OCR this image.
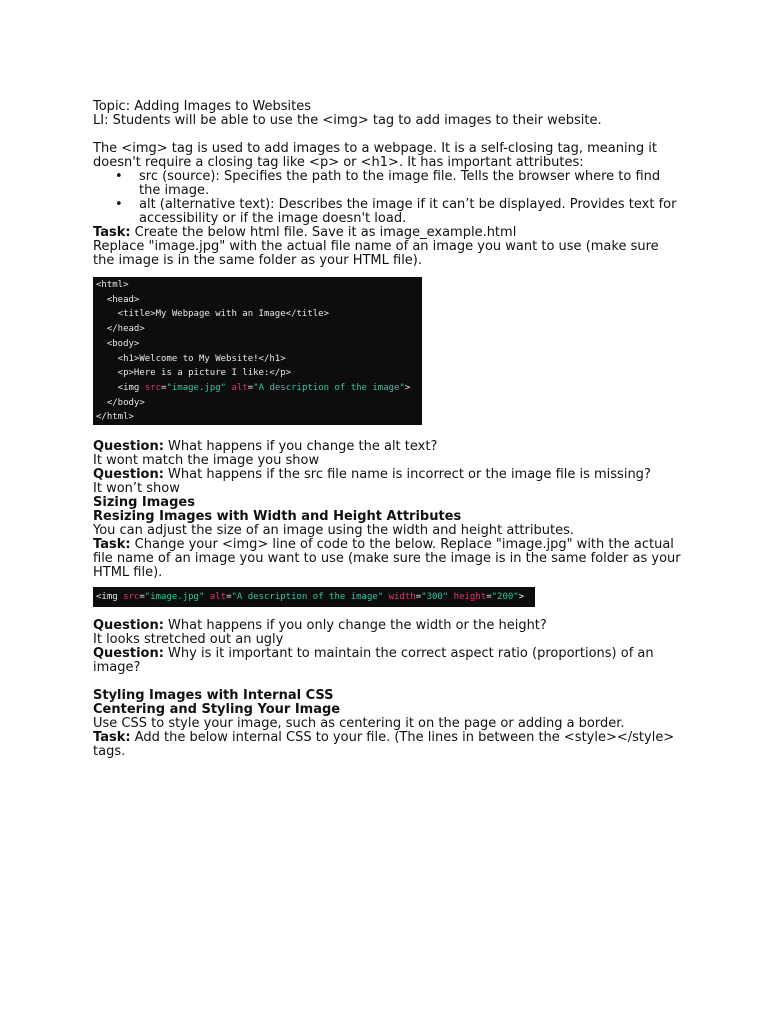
Topic: Adding Images to Websites

LI: Students will be able to use the <img> tag to add images to their website.

The <img> tag is used to add images to a webpage. It is a self-closing tag, meaning it doesn't require a closing tag like <p> or <h1>. It has important attributes:

• src (source): Specifies the path to the image file. Tells the browser where to find the image.
• alt (alternative text): Describes the image if it can’t be displayed. Provides text for accessibility or if the image doesn't load.

Task: Create the below html file. Save it as image_example.html

Replace "image.jpg" with the actual file name of an image you want to use (make sure the image is in the same folder as your HTML file).

<html>
<head>
<title>My Webpage with an Image</title>
</head>
<body>
<h1>Welcome to My Website!</h1>
<p>Here is a picture I like:</p>
<img src="image.jpg" alt="A description of the image">
</body>
</html>

Question: What happens if you change the alt text?

It wont match the image you show

Question: What happens if the src file name is incorrect or the image file is missing?

It won’t show

Sizing Images

Resizing Images with Width and Height Attributes

You can adjust the size of an image using the width and height attributes.

Task: Change your <img> line of code to the below. Replace "image.jpg" with the actual file name of an image you want to use (make sure the image is in the same folder as your HTML file).

<img src="image.jpg" alt="A description of the image" width="300" height="200">

Question: What happens if you only change the width or the height?

It looks stretched out an ugly

Question: Why is it important to maintain the correct aspect ratio (proportions) of an image?

Styling Images with Internal CSS

Centering and Styling Your Image

Use CSS to style your image, such as centering it on the page or adding a border.

Task: Add the below internal CSS to your file. (The lines in between the <style></style> tags.
